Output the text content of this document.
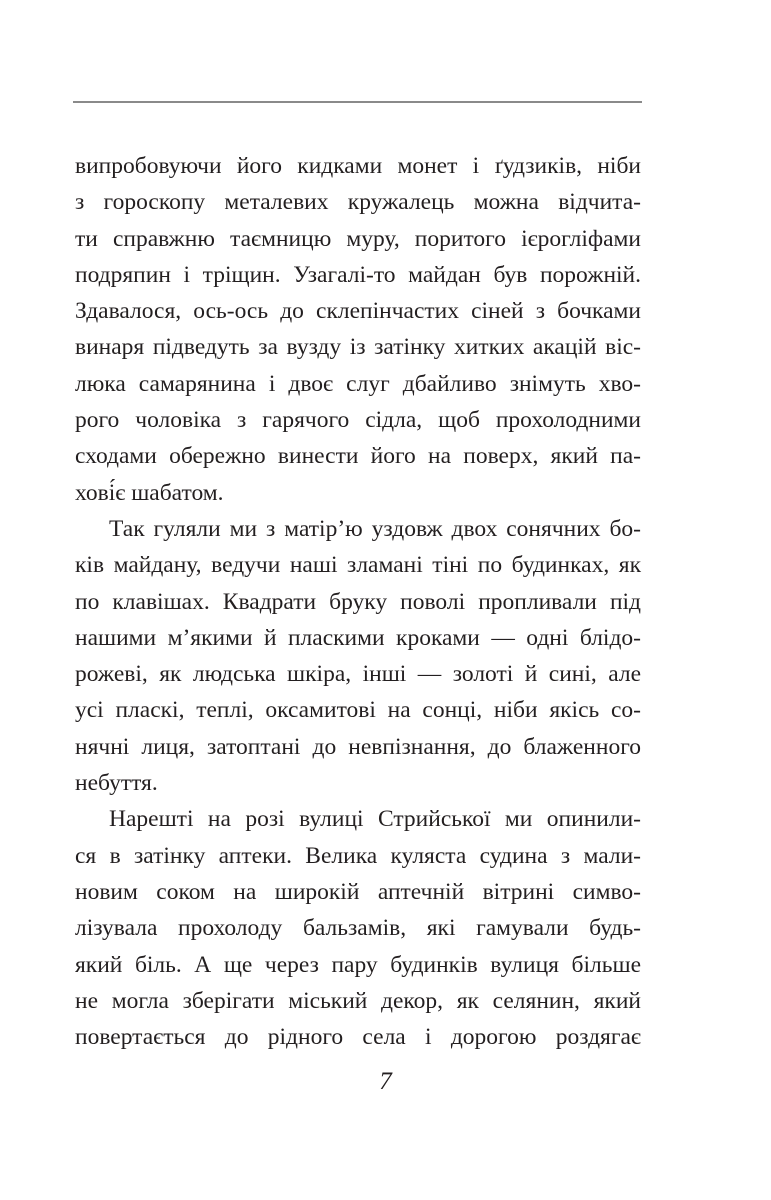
випробовуючи його кидками монет і ґудзиків, ніби
з гороскопу металевих кружалець можна відчита-
ти справжню таємницю муру, поритого ієрогліфами
подряпин і тріщин. Узагалі-то майдан був порожній.
Здавалося, ось-ось до склепінчастих сіней з бочками
винаря підведуть за вузду із затінку хитких акацій віс-
люка самарянина і двоє слуг дбайливо знімуть хво-
рого чоловіка з гарячого сідла, щоб прохолодними
сходами обережно винести його на поверх, який па-
хові́є шабатом.
Так гуляли ми з матір’ю уздовж двох сонячних бо-
ків майдану, ведучи наші зламані тіні по будинках, як
по клавішах. Квадрати бруку поволі пропливали під
нашими м’якими й пласкими кроками — одні блідо-
рожеві, як людська шкіра, інші — золоті й сині, але
усі пласкі, теплі, оксамитові на сонці, ніби якісь со-
нячні лиця, затоптані до невпізнання, до блаженного
небуття.
Нарешті на розі вулиці Стрийської ми опинили-
ся в затінку аптеки. Велика куляста судина з мали-
новим соком на широкій аптечній вітрині симво-
лізувала прохолоду бальзамів, які гамували будь-
який біль. А ще через пару будинків вулиця більше
не могла зберігати міський декор, як селянин, який
повертається до рідного села і дорогою роздягає
7
